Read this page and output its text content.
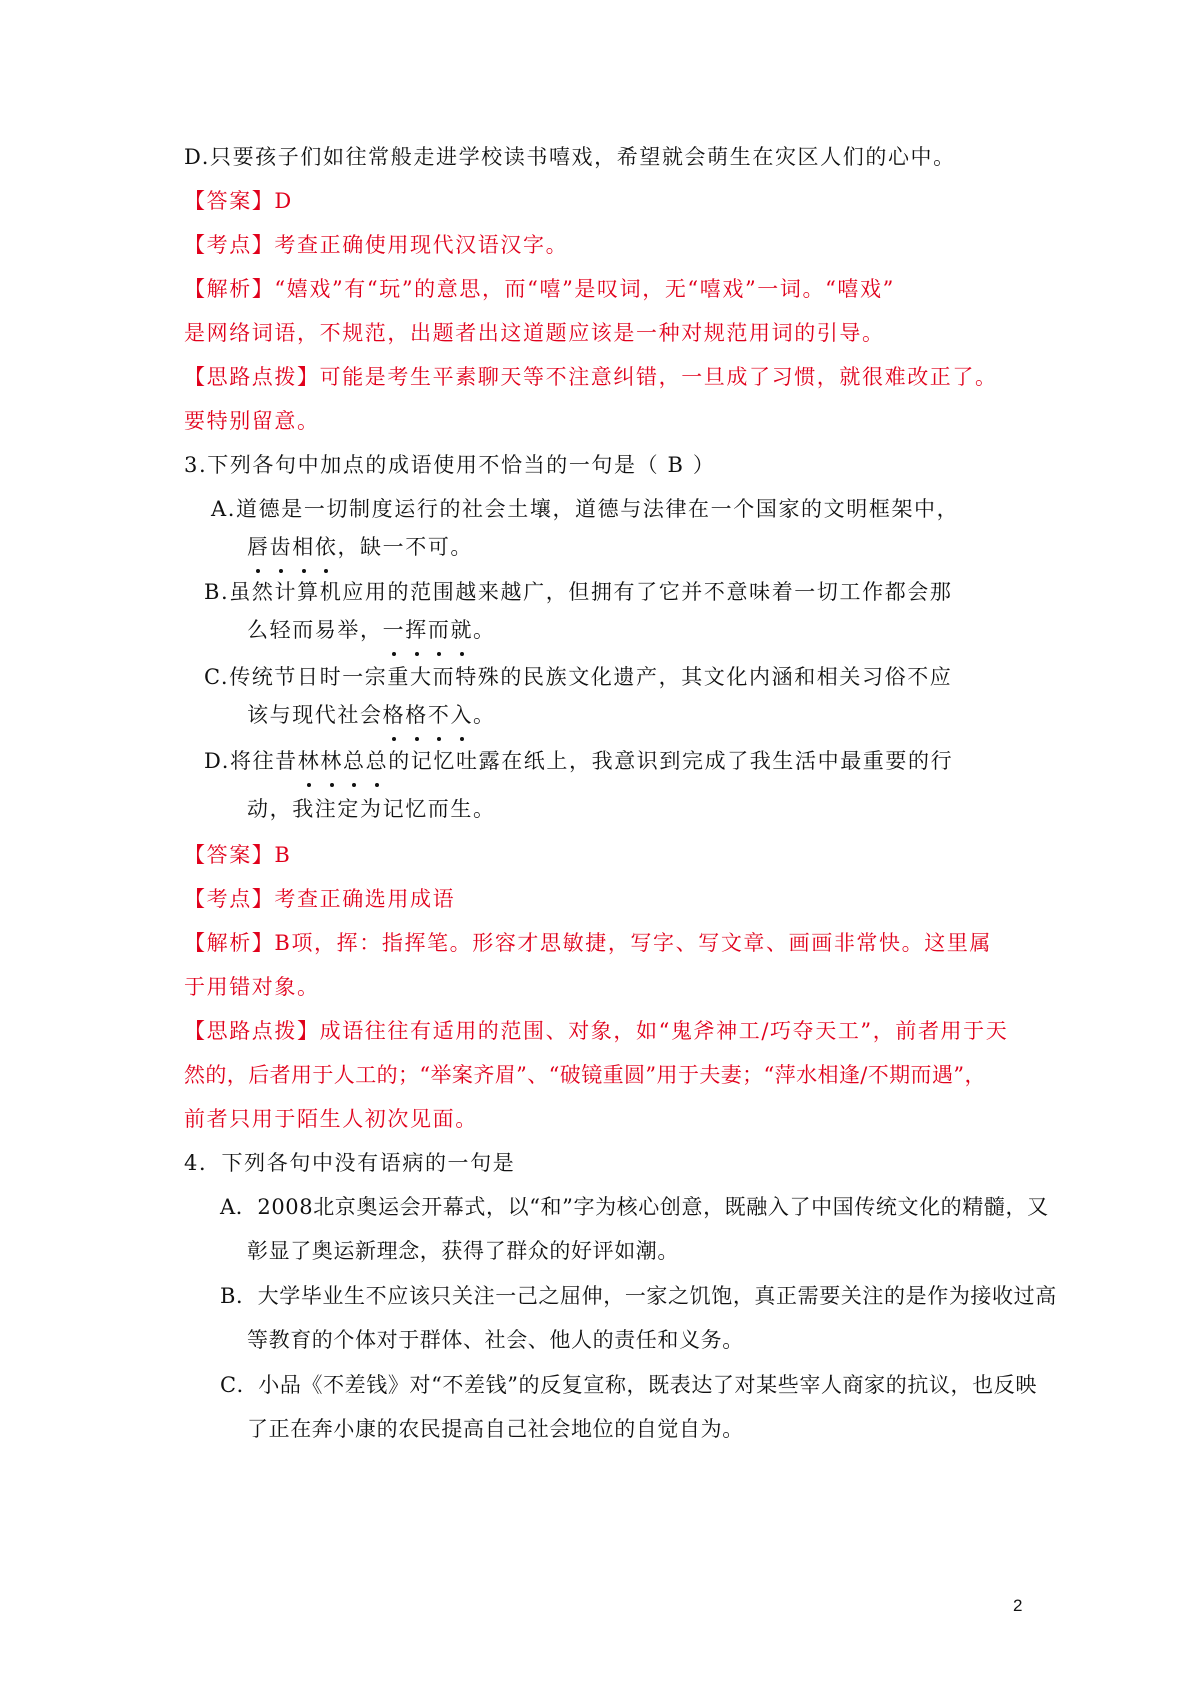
D.只要孩子们如往常般走进学校读书嘻戏，希望就会萌生在灾区人们的心中。
【答案】D
【考点】考查正确使用现代汉语汉字。
【解析】“嬉戏”有“玩”的意思，而“嘻”是叹词，无“嘻戏”一词。“嘻戏”
是网络词语，不规范，出题者出这道题应该是一种对规范用词的引导。
【思路点拨】可能是考生平素聊天等不注意纠错，一旦成了习惯，就很难改正了。
要特别留意。
3.下列各句中加点的成语使用不恰当的一句是（ B ）
A.道德是一切制度运行的社会土壤，道德与法律在一个国家的文明框架中，
唇齿相依，缺一不可。
B.虽然计算机应用的范围越来越广，但拥有了它并不意味着一切工作都会那
么轻而易举，一挥而就。
C.传统节日时一宗重大而特殊的民族文化遗产，其文化内涵和相关习俗不应
该与现代社会格格不入。
D.将往昔林林总总的记忆吐露在纸上，我意识到完成了我生活中最重要的行
动，我注定为记忆而生。
【答案】B
【考点】考查正确选用成语
【解析】B项，挥：指挥笔。形容才思敏捷，写字、写文章、画画非常快。这里属
于用错对象。
【思路点拨】成语往往有适用的范围、对象，如“鬼斧神工/巧夺天工”，前者用于天
然的，后者用于人工的；“举案齐眉”、“破镜重圆”用于夫妻；“萍水相逢/不期而遇”，
前者只用于陌生人初次见面。
4．下列各句中没有语病的一句是
A．2008北京奥运会开幕式，以“和”字为核心创意，既融入了中国传统文化的精髓，又
彰显了奥运新理念，获得了群众的好评如潮。
B．大学毕业生不应该只关注一己之屈伸，一家之饥饱，真正需要关注的是作为接收过高
等教育的个体对于群体、社会、他人的责任和义务。
C．小品《不差钱》对“不差钱”的反复宣称，既表达了对某些宰人商家的抗议，也反映
了正在奔小康的农民提高自己社会地位的自觉自为。
2
